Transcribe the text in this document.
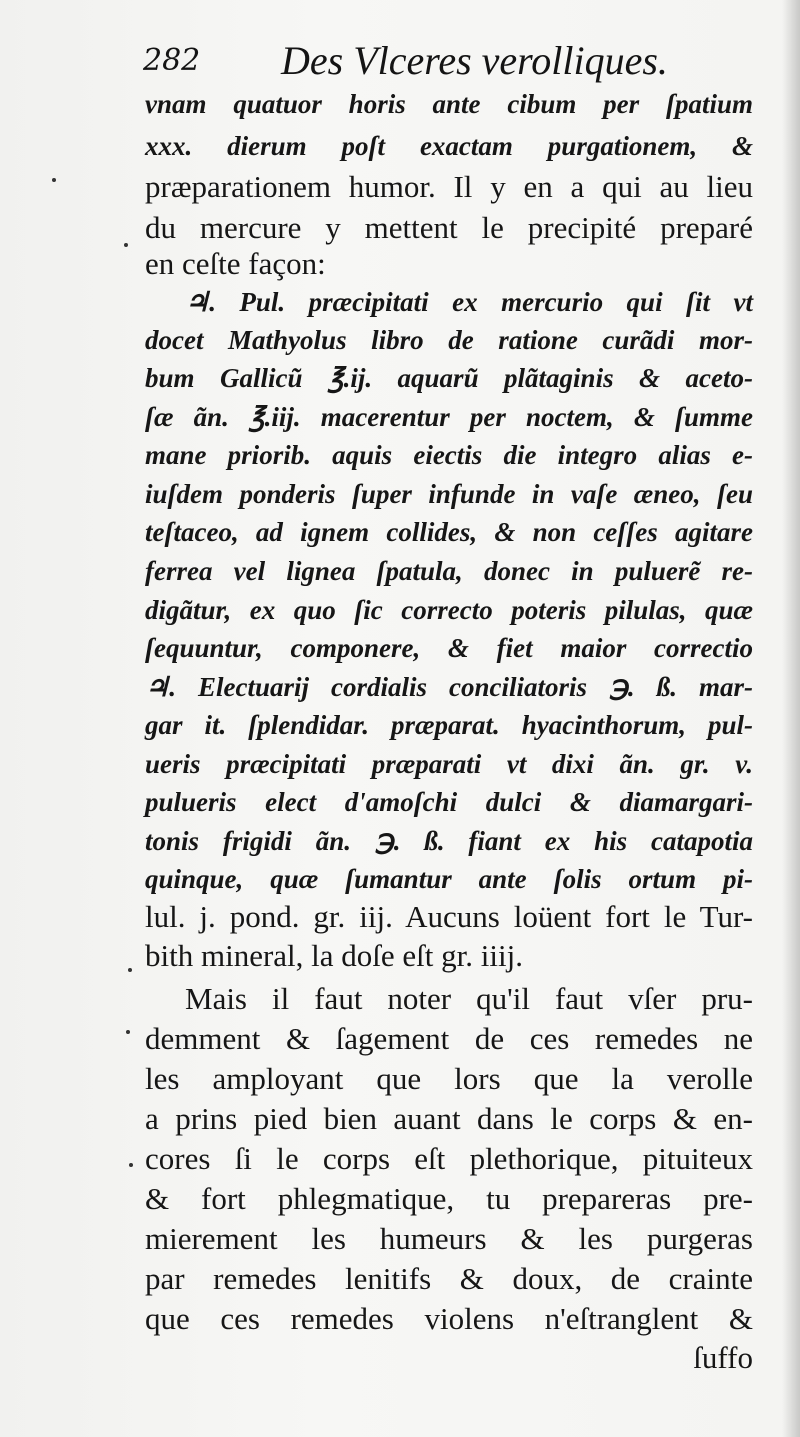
282 Des Vlceres verolliques.
vnam quatuor horis ante cibum per ſpatium
xxx. dierum poſt exactam purgationem, &
præparationem humor. Il y en a qui au lieu
du mercure y mettent le precipité preparé
en ceſte façon:
♃. Pul. præcipitati ex mercurio qui ſit vt
docet Mathyolus libro de ratione curãdi mor-
bum Gallicũ ℥.ij. aquarũ plãtaginis & aceto-
ſæ ãn. ℥.iij. macerentur per noctem, & ſumme
mane priorib. aquis eiectis die integro alias e-
iuſdem ponderis ſuper infunde in vaſe æneo, ſeu
teſtaceo, ad ignem collides, & non ceſſes agitare
ferrea vel lignea ſpatula, donec in puluerẽ re-
digãtur, ex quo ſic correcto poteris pilulas, quæ
ſequuntur, componere, & fiet maior correctio
♃. Electuarij cordialis conciliatoris ℈. ß. mar-
gar it. ſplendidar. præparat. hyacinthorum, pul-
ueris præcipitati præparati vt dixi ãn. gr. v.
pulueris elect d'amoſchi dulci & diamargari-
tonis frigidi ãn. ℈. ß. fiant ex his catapotia
quinque, quæ ſumantur ante ſolis ortum pi-
lul. j. pond. gr. iij. Aucuns loüent fort le Tur-
bith mineral, la doſe eſt gr. iiij.
Mais il faut noter qu'il faut vſer pru-
demment & ſagement de ces remedes ne
les amployant que lors que la verolle
a prins pied bien auant dans le corps & en-
cores ſi le corps eſt plethorique, pituiteux
& fort phlegmatique, tu prepareras pre-
mierement les humeurs & les purgeras
par remedes lenitifs & doux, de crainte
que ces remedes violens n'eſtranglent &
ſuffo
